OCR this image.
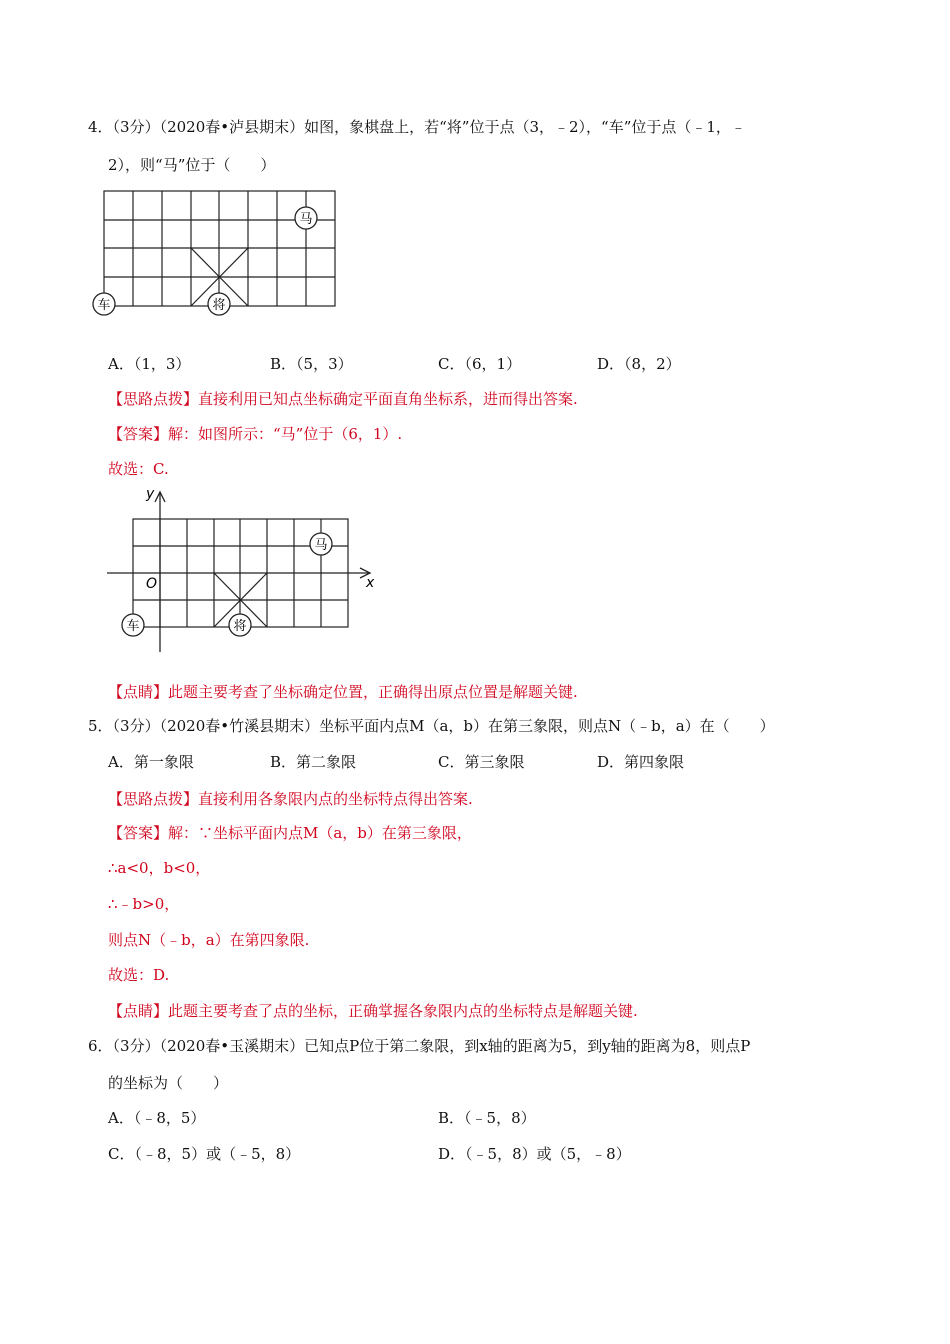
4．（3分）（2020春•泸县期末）如图，象棋盘上，若“将”位于点（3，﹣2），“车”位于点（﹣1，﹣
2），则“马”位于（　　）
马
车	将
A．（1，3）	B．（5，3）	C．（6，1）	D．（8，2）
【思路点拨】直接利用已知点坐标确定平面直角坐标系，进而得出答案.
【答案】解：如图所示：“马”位于（6，1）.
故选：C.
y
x
O
马
车	将
【点睛】此题主要考查了坐标确定位置，正确得出原点位置是解题关键.
5．（3分）（2020春•竹溪县期末）坐标平面内点M（a，b）在第三象限，则点N（﹣b，a）在（　　）
A．第一象限	B．第二象限	C．第三象限	D．第四象限
【思路点拨】直接利用各象限内点的坐标特点得出答案.
【答案】解：∵坐标平面内点M（a，b）在第三象限，
∴a<0，b<0，
∴﹣b>0，
则点N（﹣b，a）在第四象限.
故选：D.
【点睛】此题主要考查了点的坐标，正确掌握各象限内点的坐标特点是解题关键.
6．（3分）（2020春•玉溪期末）已知点P位于第二象限，到x轴的距离为5，到y轴的距离为8，则点P
的坐标为（　　）
A．（﹣8，5）	B．（﹣5，8）
C．（﹣8，5）或（﹣5，8）	D．（﹣5，8）或（5，﹣8）
